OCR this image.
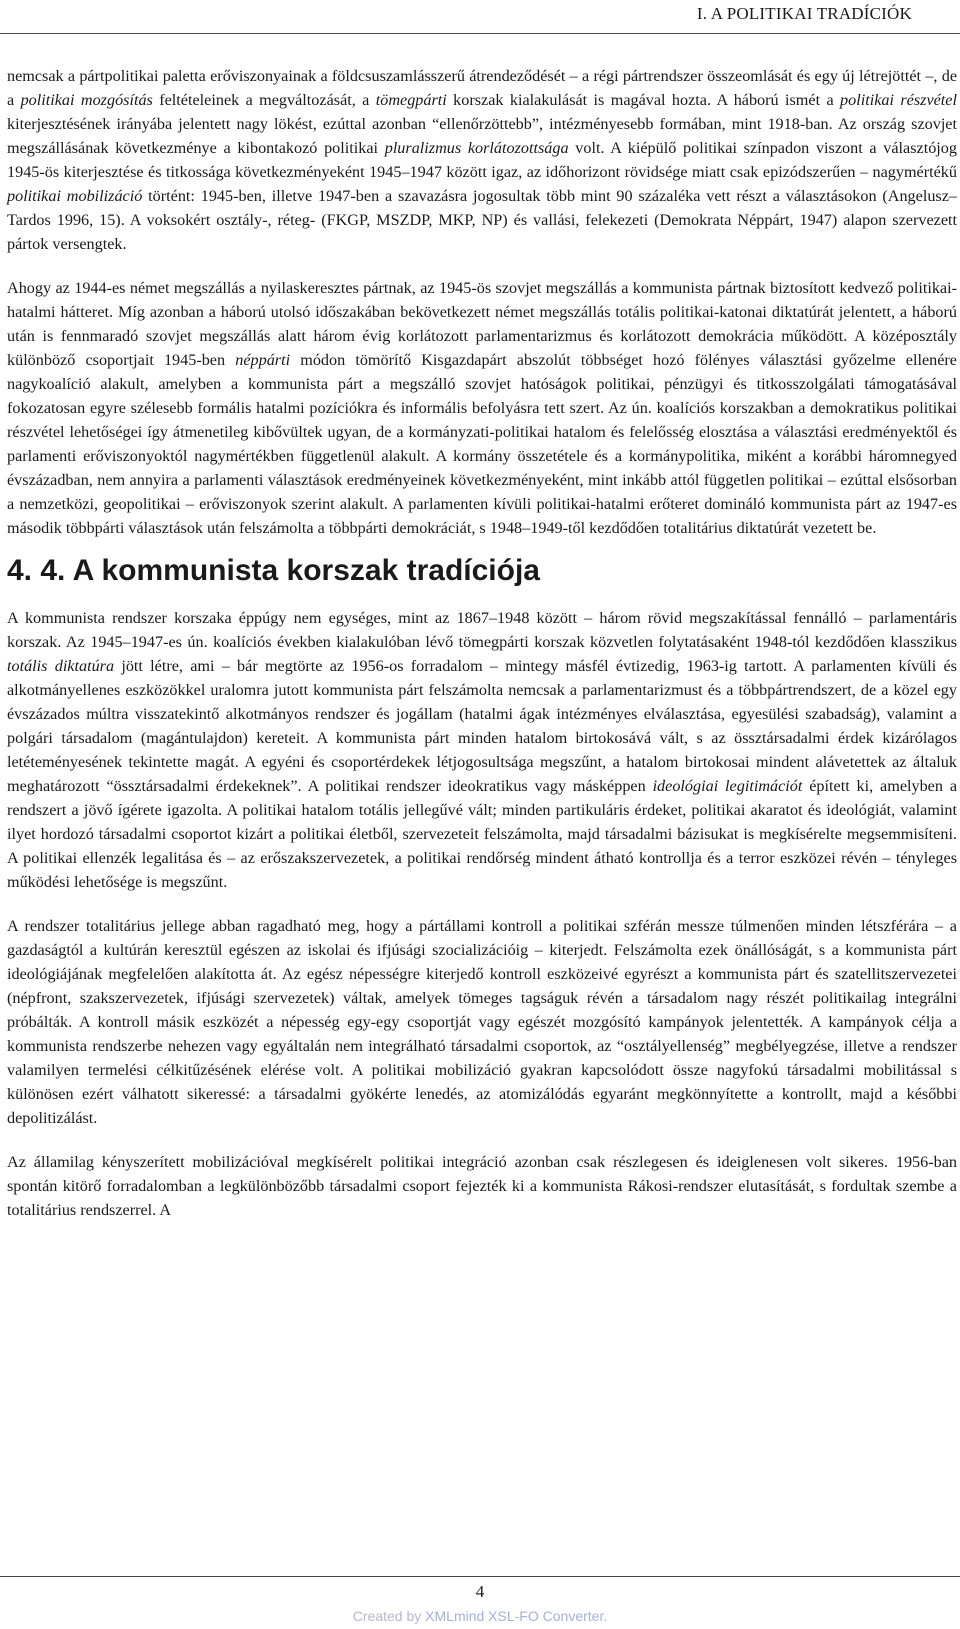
I. A POLITIKAI TRADÍCIÓK

nemcsak a pártpolitikai paletta erőviszonyainak a földcsuszamlásszerű átrendeződését – a régi pártrendszer összeomlását és egy új létrejöttét –, de a politikai mozgósítás feltételeinek a megváltozását, a tömegpárti korszak kialakulását is magával hozta. A háború ismét a politikai részvétel kiterjesztésének irányába jelentett nagy lökést, ezúttal azonban “ellenőrzöttebb”, intézményesebb formában, mint 1918-ban. Az ország szovjet megszállásának következménye a kibontakozó politikai pluralizmus korlátozottsága volt. A kiépülő politikai színpadon viszont a választójog 1945-ös kiterjesztése és titkossága következményeként 1945–1947 között igaz, az időhorizont rövidsége miatt csak epizódszerűen – nagymértékű politikai mobilizáció történt: 1945-ben, illetve 1947-ben a szavazásra jogosultak több mint 90 százaléka vett részt a választásokon (Angelusz–Tardos 1996, 15). A voksokért osztály-, réteg- (FKGP, MSZDP, MKP, NP) és vallási, felekezeti (Demokrata Néppárt, 1947) alapon szervezett pártok versengtek.

Ahogy az 1944-es német megszállás a nyilaskeresztes pártnak, az 1945-ös szovjet megszállás a kommunista pártnak biztosított kedvező politikai-hatalmi hátteret. Míg azonban a háború utolsó időszakában bekövetkezett német megszállás totális politikai-katonai diktatúrát jelentett, a háború után is fennmaradó szovjet megszállás alatt három évig korlátozott parlamentarizmus és korlátozott demokrácia működött. A középosztály különböző csoportjait 1945-ben néppárti módon tömörítő Kisgazdapárt abszolút többséget hozó fölényes választási győzelme ellenére nagykoalíció alakult, amelyben a kommunista párt a megszálló szovjet hatóságok politikai, pénzügyi és titkosszolgálati támogatásával fokozatosan egyre szélesebb formális hatalmi pozíciókra és informális befolyásra tett szert. Az ún. koalíciós korszakban a demokratikus politikai részvétel lehetőségei így átmenetileg kibővültek ugyan, de a kormányzati-politikai hatalom és felelősség elosztása a választási eredményektől és parlamenti erőviszonyoktól nagymértékben függetlenül alakult. A kormány összetétele és a kormánypolitika, miként a korábbi háromnegyed évszázadban, nem annyira a parlamenti választások eredményeinek következményeként, mint inkább attól független politikai – ezúttal elsősorban a nemzetközi, geopolitikai – erőviszonyok szerint alakult. A parlamenten kívüli politikai-hatalmi erőteret domináló kommunista párt az 1947-es második többpárti választások után felszámolta a többpárti demokráciát, s 1948–1949-től kezdődően totalitárius diktatúrát vezetett be.

4. 4. A kommunista korszak tradíciója

A kommunista rendszer korszaka éppúgy nem egységes, mint az 1867–1948 között – három rövid megszakítással fennálló – parlamentáris korszak. Az 1945–1947-es ún. koalíciós években kialakulóban lévő tömegpárti korszak közvetlen folytatásaként 1948-tól kezdődően klasszikus totális diktatúra jött létre, ami – bár megtörte az 1956-os forradalom – mintegy másfél évtizedig, 1963-ig tartott. A parlamenten kívüli és alkotmányellenes eszközökkel uralomra jutott kommunista párt felszámolta nemcsak a parlamentarizmust és a többpártrendszert, de a közel egy évszázados múltra visszatekintő alkotmányos rendszer és jogállam (hatalmi ágak intézményes elválasztása, egyesülési szabadság), valamint a polgári társadalom (magántulajdon) kereteit. A kommunista párt minden hatalom birtokosává vált, s az össztársadalmi érdek kizárólagos letéteményesének tekintette magát. A egyéni és csoportérdekek létjogosultsága megszűnt, a hatalom birtokosai mindent alávetettek az általuk meghatározott “össztársadalmi érdekeknek”. A politikai rendszer ideokratikus vagy másképpen ideológiai legitimációt épített ki, amelyben a rendszert a jövő ígérete igazolta. A politikai hatalom totális jellegűvé vált; minden partikuláris érdeket, politikai akaratot és ideológiát, valamint ilyet hordozó társadalmi csoportot kizárt a politikai életből, szervezeteit felszámolta, majd társadalmi bázisukat is megkísérelte megsemmisíteni. A politikai ellenzék legalitása és – az erőszakszervezetek, a politikai rendőrség mindent átható kontrollja és a terror eszközei révén – tényleges működési lehetősége is megszűnt.

A rendszer totalitárius jellege abban ragadható meg, hogy a pártállami kontroll a politikai szférán messze túlmenően minden létszférára – a gazdaságtól a kultúrán keresztül egészen az iskolai és ifjúsági szocializációig – kiterjedt. Felszámolta ezek önállóságát, s a kommunista párt ideológiájának megfelelően alakította át. Az egész népességre kiterjedő kontroll eszközeivé egyrészt a kommunista párt és szatellitszervezetei (népfront, szakszervezetek, ifjúsági szervezetek) váltak, amelyek tömeges tagságuk révén a társadalom nagy részét politikailag integrálni próbálták. A kontroll másik eszközét a népesség egy-egy csoportját vagy egészét mozgósító kampányok jelentették. A kampányok célja a kommunista rendszerbe nehezen vagy egyáltalán nem integrálható társadalmi csoportok, az “osztályellenség” megbélyegzése, illetve a rendszer valamilyen termelési célkitűzésének elérése volt. A politikai mobilizáció gyakran kapcsolódott össze nagyfokú társadalmi mobilitással s különösen ezért válhatott sikeressé: a társadalmi gyökérte lenedés, az atomizálódás egyaránt megkönnyítette a kontrollt, majd a későbbi depolitizálást.

Az államilag kényszerített mobilizációval megkísérelt politikai integráció azonban csak részlegesen és ideiglenesen volt sikeres. 1956-ban spontán kitörő forradalomban a legkülönbözőbb társadalmi csoport fejezték ki a kommunista Rákosi-rendszer elutasítását, s fordultak szembe a totalitárius rendszerrel. A

4
Created by XMLmind XSL-FO Converter.
